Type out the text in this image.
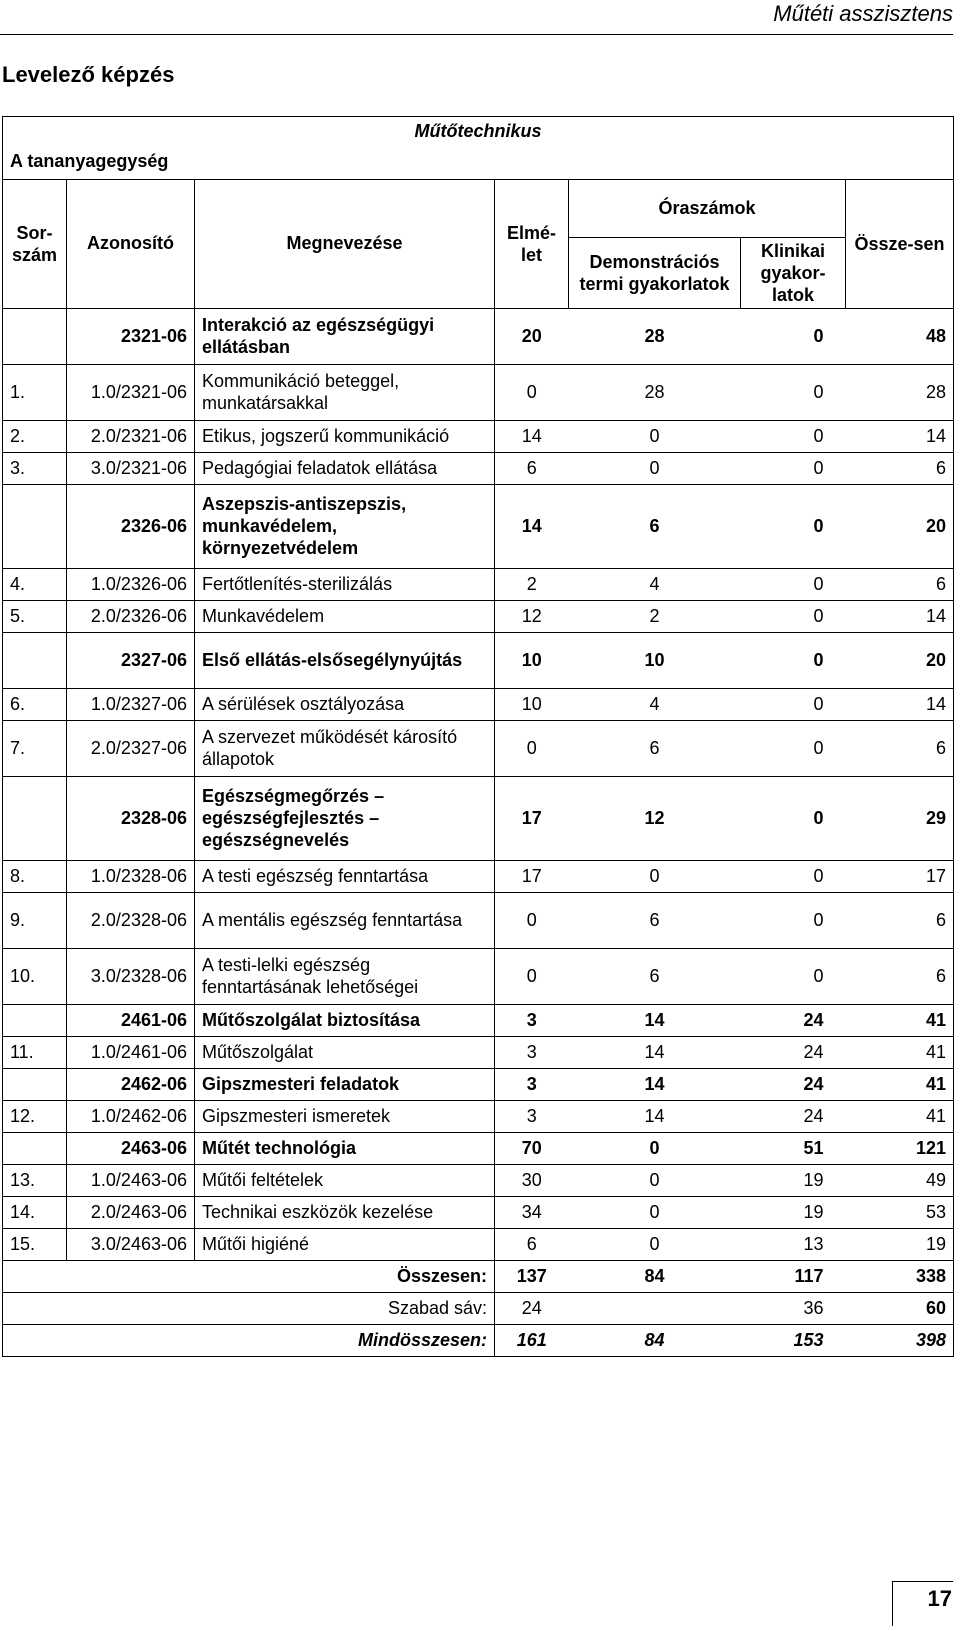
Műtéti asszisztens
Levelező képzés
Műtőtechnikus						

A tananyagegység						

Sor-szám	Azonosító	Megnevezése	Elmé-let	Óraszámok		Össze-sen
				Demonstrációs termi gyakorlatok	Klinikai gyakor-latok	
	2321-06	Interakció az egészségügyi ellátásban	20	28	0	48
1.	1.0/2321-06	Kommunikáció beteggel, munkatársakkal	0	28	0	28
2.	2.0/2321-06	Etikus, jogszerű kommunikáció	14	0	0	14
3.	3.0/2321-06	Pedagógiai feladatok ellátása	6	0	0	6
	2326-06	Aszepszis-antiszepszis, munkavédelem, környezetvédelem	14	6	0	20
4.	1.0/2326-06	Fertőtlenítés-sterilizálás	2	4	0	6
5.	2.0/2326-06	Munkavédelem	12	2	0	14
	2327-06	Első ellátás-elsősegélynyújtás	10	10	0	20
6.	1.0/2327-06	A sérülések osztályozása	10	4	0	14
7.	2.0/2327-06	A szervezet működését károsító állapotok	0	6	0	6
	2328-06	Egészségmegőrzés – egészségfejlesztés – egészségnevelés	17	12	0	29
8.	1.0/2328-06	A testi egészség fenntartása	17	0	0	17
9.	2.0/2328-06	A mentális egészség fenntartása	0	6	0	6
10.	3.0/2328-06	A testi-lelki egészség fenntartásának lehetőségei	0	6	0	6
	2461-06	Műtőszolgálat biztosítása	3	14	24	41
11.	1.0/2461-06	Műtőszolgálat	3	14	24	41
	2462-06	Gipszmesteri feladatok	3	14	24	41
12.	1.0/2462-06	Gipszmesteri ismeretek	3	14	24	41
	2463-06	Műtét technológia	70	0	51	121
13.	1.0/2463-06	Műtői feltételek	30	0	19	49
14.	2.0/2463-06	Technikai eszközök kezelése	34	0	19	53
15.	3.0/2463-06	Műtői higiéné	6	0	13	19
Összesen:			137	84	117	338
Szabad sáv:			24		36	60
Mindösszesen:			161	84	153	398
17
